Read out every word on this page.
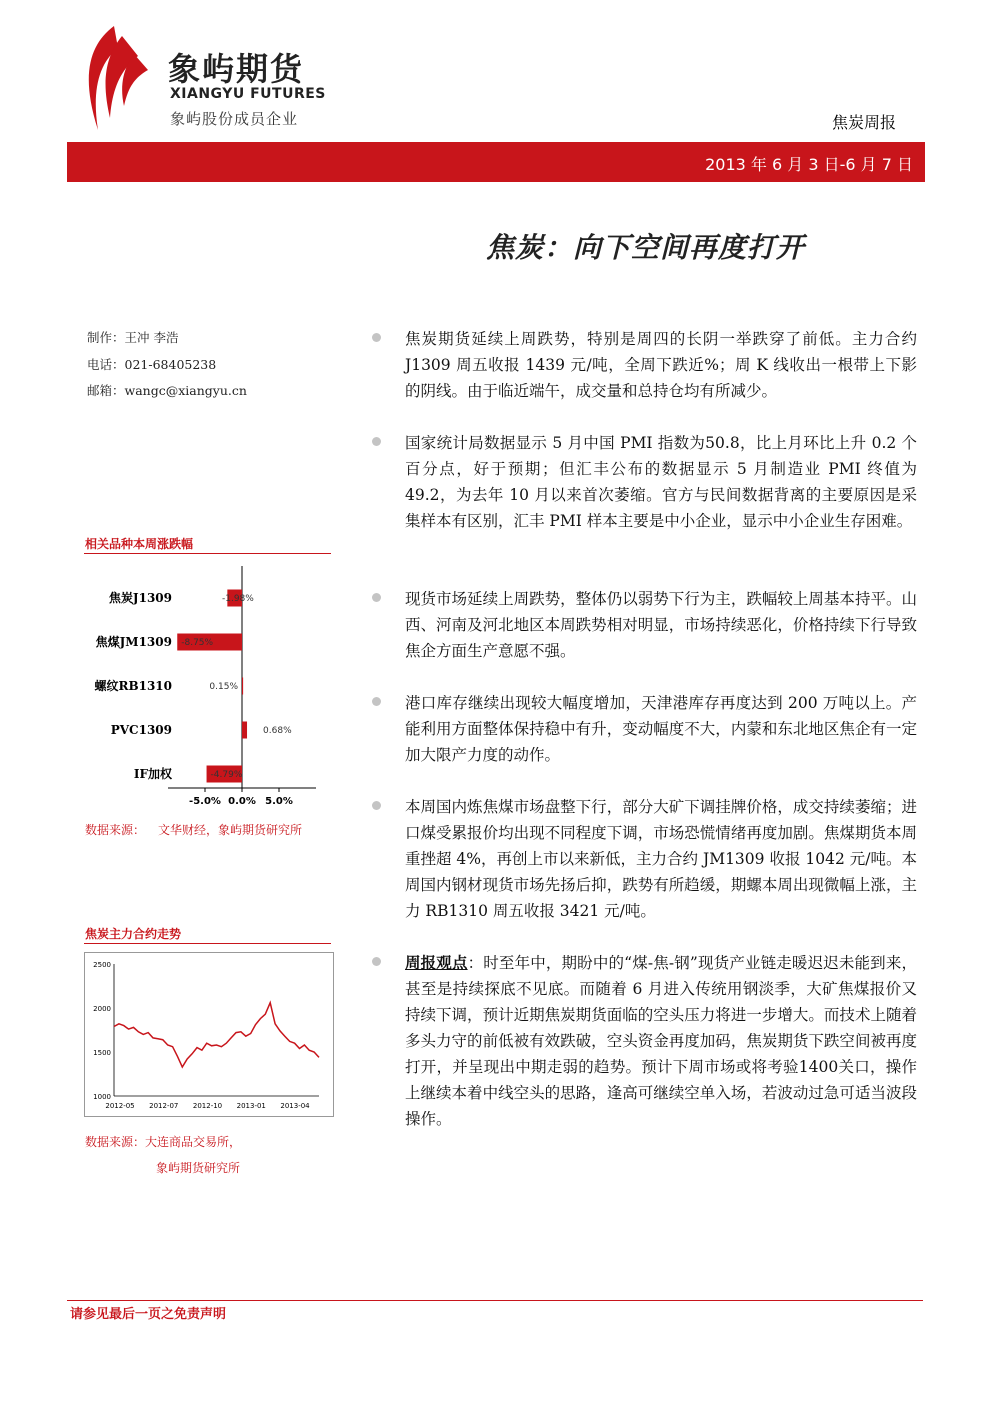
象屿期货
XIANGYU FUTURES
象屿股份成员企业	焦炭周报
2013 年 6 月 3 日-6 月 7 日
焦炭：向下空间再度打开
制作：王冲 李浩
电话：021-68405238
邮箱：wangc@xiangyu.cn
相关品种本周涨跌幅
焦炭J1309	-1.98%
焦煤JM1309 -8.75%
螺纹RB1310	0.15%
PVC1309	0.68%
IF加权	-4.79%
-5.0% 0.0% 5.0%
数据来源： 文华财经，象屿期货研究所
焦炭主力合约走势
1000
1500
2000
2500
2012-05 2012-07 2012-10 2013-01 2013-04
数据来源：大连商品交易所，
象屿期货研究所
焦炭期货延续上周跌势，特别是周四的长阴一举跌穿了前低。主力合约 J1309 周五收报 1439 元/吨，全周下跌近%；周 K 线收出一根带上下影的阴线。由于临近端午，成交量和总持仓均有所减少。
国家统计局数据显示 5 月中国 PMI 指数为50.8，比上月环比上升 0.2 个百分点，好于预期；但汇丰公布的数据显示 5 月制造业 PMI 终值为 49.2，为去年 10 月以来首次萎缩。官方与民间数据背离的主要原因是采集样本有区别，汇丰 PMI 样本主要是中小企业，显示中小企业生存困难。
现货市场延续上周跌势，整体仍以弱势下行为主，跌幅较上周基本持平。山西、河南及河北地区本周跌势相对明显，市场持续恶化，价格持续下行导致焦企方面生产意愿不强。
港口库存继续出现较大幅度增加，天津港库存再度达到 200 万吨以上。产能利用方面整体保持稳中有升，变动幅度不大，内蒙和东北地区焦企有一定加大限产力度的动作。
本周国内炼焦煤市场盘整下行，部分大矿下调挂牌价格，成交持续萎缩；进口煤受累报价均出现不同程度下调，市场恐慌情绪再度加剧。焦煤期货本周重挫超 4%，再创上市以来新低，主力合约 JM1309 收报 1042 元/吨。本周国内钢材现货市场先扬后抑，跌势有所趋缓，期螺本周出现微幅上涨，主力 RB1310 周五收报 3421 元/吨。
周报观点：时至年中，期盼中的“煤-焦-钢”现货产业链走暖迟迟未能到来，甚至是持续探底不见底。而随着 6 月进入传统用钢淡季，大矿焦煤报价又持续下调，预计近期焦炭期货面临的空头压力将进一步增大。而技术上随着多头力守的前低被有效跌破，空头资金再度加码，焦炭期货下跌空间被再度打开，并呈现出中期走弱的趋势。预计下周市场或将考验1400关口，操作上继续本着中线空头的思路，逢高可继续空单入场，若波动过急可适当波段操作。
请参见最后一页之免责声明
